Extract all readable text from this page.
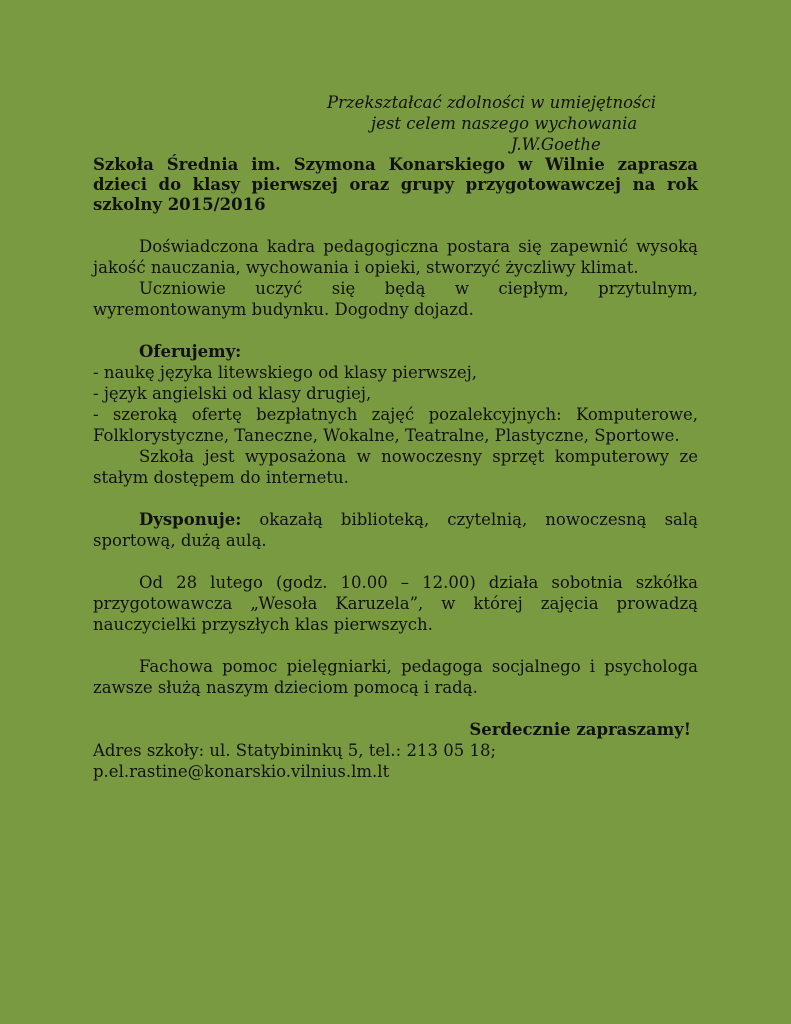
Przekształcać zdolności w umiejętności
jest celem naszego wychowania
J.W.Goethe

Szkoła Średnia im. Szymona Konarskiego w Wilnie zaprasza dzieci do klasy pierwszej oraz grupy przygotowawczej na rok szkolny 2015/2016

Doświadczona kadra pedagogiczna postara się zapewnić wysoką jakość nauczania, wychowania i opieki, stworzyć życzliwy klimat.

Uczniowie uczyć się będą w ciepłym, przytulnym, wyremontowanym budynku. Dogodny dojazd.

Oferujemy:

- naukę języka litewskiego od klasy pierwszej,

- język angielski od klasy drugiej,

- szeroką ofertę bezpłatnych zajęć pozalekcyjnych: Komputerowe, Folklorystyczne, Taneczne, Wokalne, Teatralne, Plastyczne, Sportowe.

Szkoła jest wyposażona w nowoczesny sprzęt komputerowy ze stałym dostępem do internetu.

Dysponuje: okazałą biblioteką, czytelnią, nowoczesną salą sportową, dużą aulą.

Od 28 lutego (godz. 10.00 – 12.00) działa sobotnia szkółka przygotowawcza „Wesoła Karuzela”, w której zajęcia prowadzą nauczycielki przyszłych klas pierwszych.

Fachowa pomoc pielęgniarki, pedagoga socjalnego i psychologa zawsze służą naszym dzieciom pomocą i radą.

Serdecznie zapraszamy!

Adres szkoły: ul. Statybininkų 5, tel.: 213 05 18;

p.el.rastine@konarskio.vilnius.lm.lt
